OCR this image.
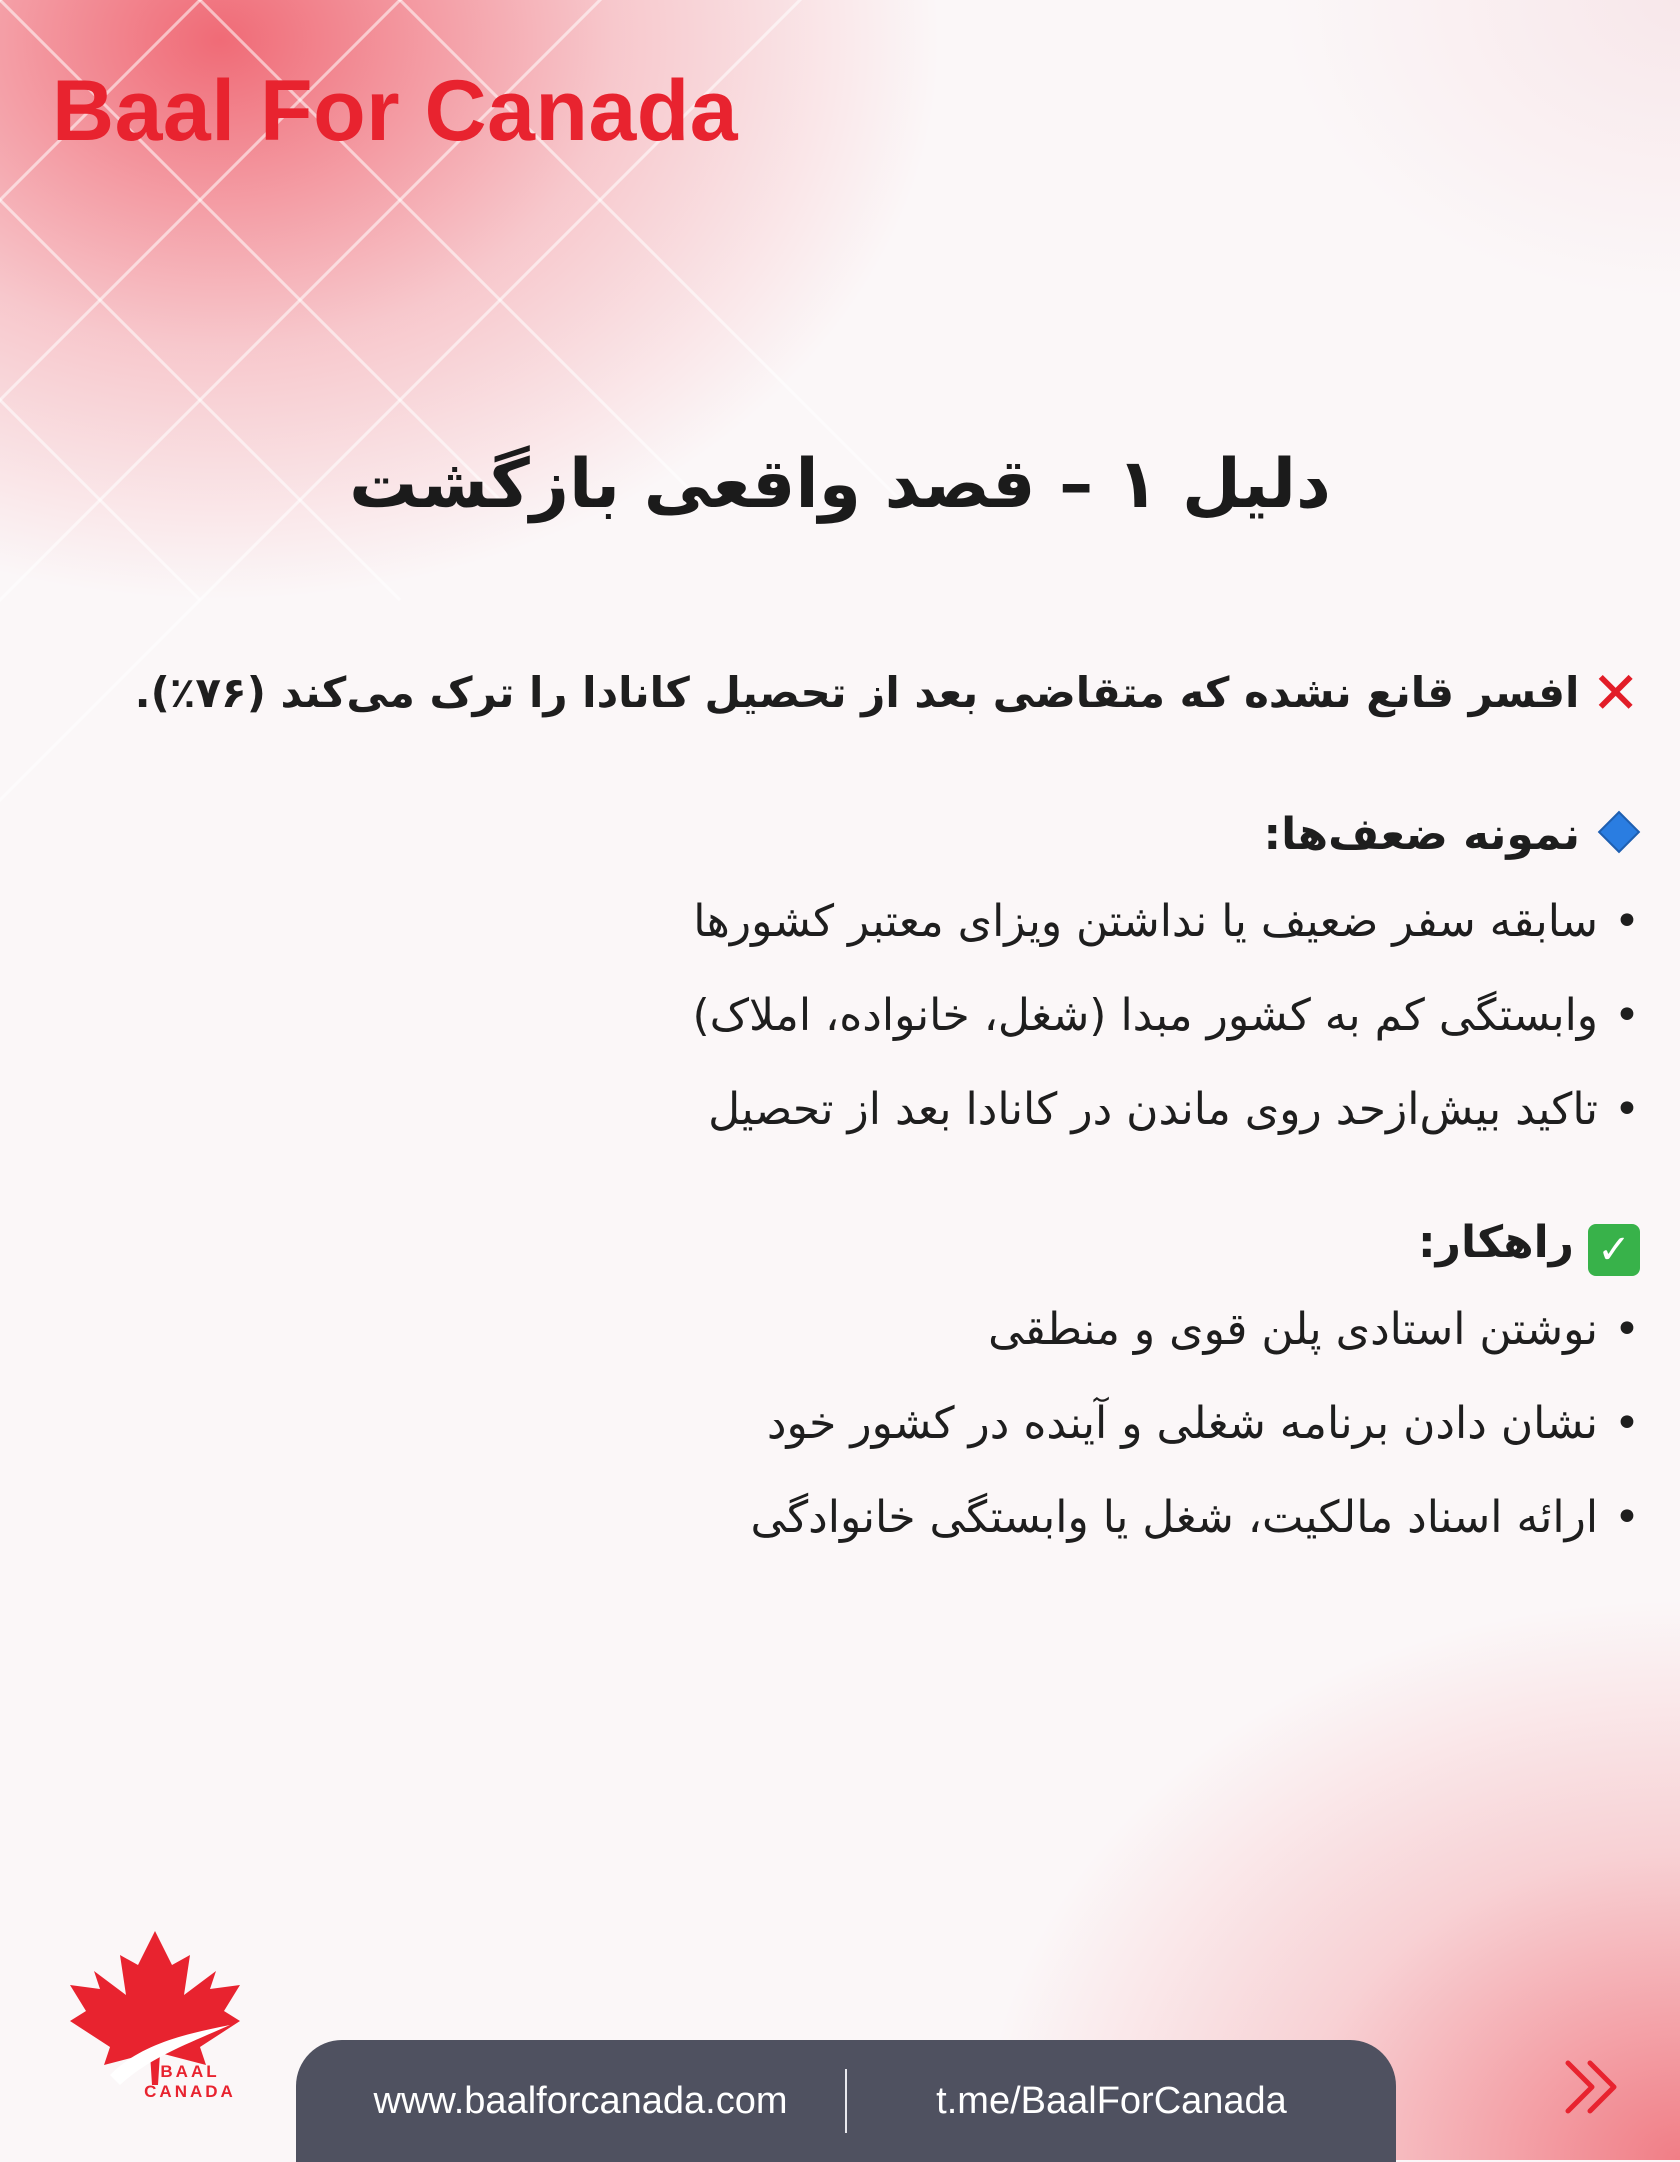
Baal For Canada
دلیل ۱ – قصد واقعی بازگشت

✕افسر قانع نشده که متقاضی بعد از تحصیل کانادا را ترک می‌کند (۷۶٪).

نمونه ضعف‌ها:

•سابقه سفر ضعیف یا نداشتن ویزای معتبر کشورها

•وابستگی کم به کشور مبدا (شغل، خانواده، املاک)

•تاکید بیش‌ازحد روی ماندن در کانادا بعد از تحصیل

✓راهکار:

•نوشتن استادی پلن قوی و منطقی

•نشان دادن برنامه شغلی و آینده در کشور خود

•ارائه اسناد مالکیت، شغل یا وابستگی خانوادگی

BAAL
CANADA	www.baalforcanada.com	t.me/BaalForCanada
